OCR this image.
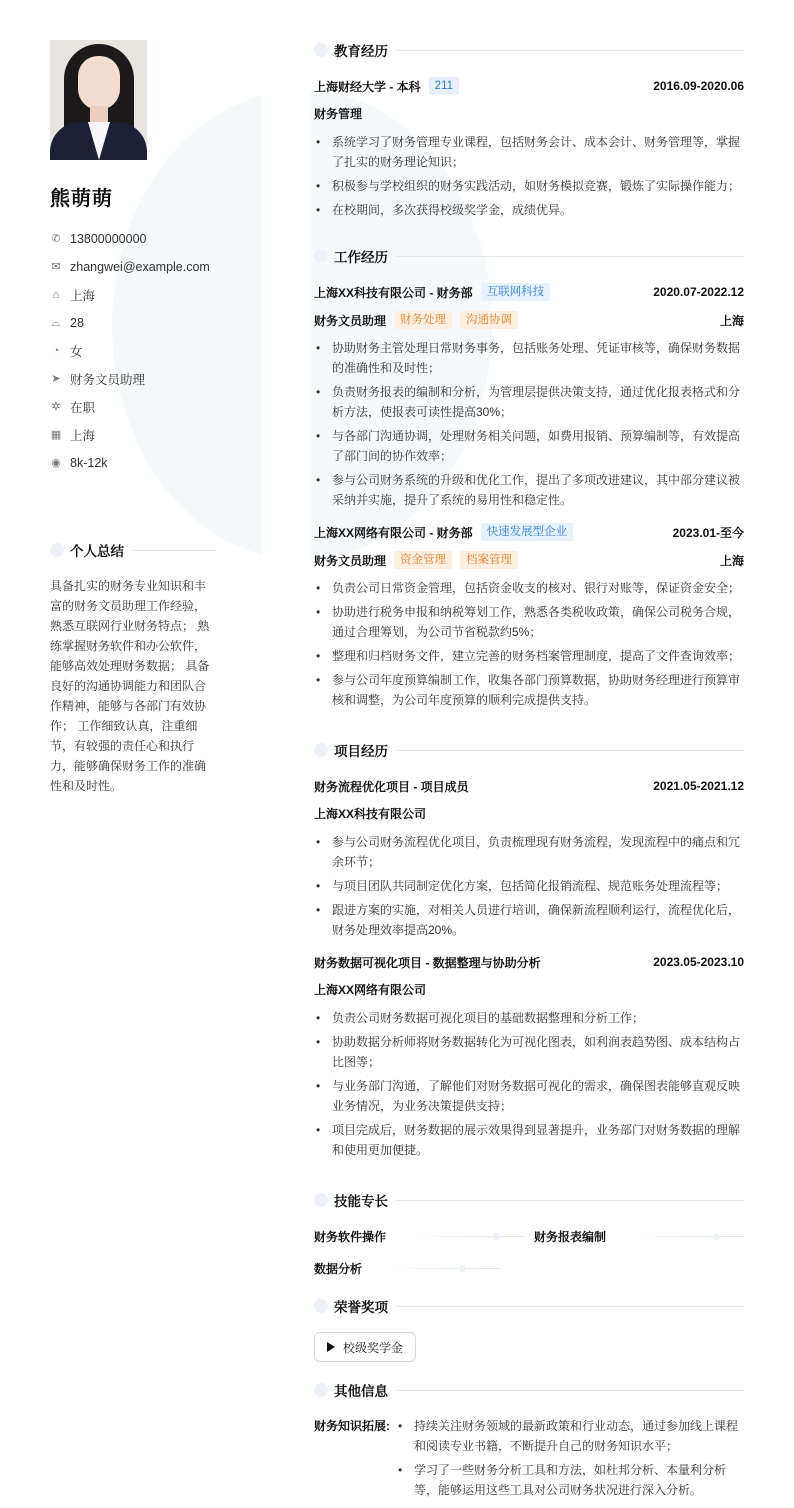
熊萌萌
✆ 13800000000
✉ zhangwei@example.com
⌂ 上海
⌓ 28
◔ 女
➤ 财务文员助理
✲ 在职
▦ 上海
◉ 8k-12k
个人总结
具备扎实的财务专业知识和丰富的财务文员助理工作经验，熟悉互联网行业财务特点； 熟练掌握财务软件和办公软件，能够高效处理财务数据； 具备良好的沟通协调能力和团队合作精神，能够与各部门有效协作； 工作细致认真，注重细节，有较强的责任心和执行力，能够确保财务工作的准确性和及时性。
教育经历
上海财经大学 - 本科	211	2016.09-2020.06
财务管理
• 系统学习了财务管理专业课程，包括财务会计、成本会计、财务管理等，掌握了扎实的财务理论知识；
• 积极参与学校组织的财务实践活动，如财务模拟竞赛，锻炼了实际操作能力；
• 在校期间，多次获得校级奖学金，成绩优异。
工作经历
上海XX科技有限公司 - 财务部	互联网科技	2020.07-2022.12
财务文员助理	财务处理	沟通协调	上海
• 协助财务主管处理日常财务事务，包括账务处理、凭证审核等，确保财务数据的准确性和及时性；
• 负责财务报表的编制和分析，为管理层提供决策支持，通过优化报表格式和分析方法，使报表可读性提高30%；
• 与各部门沟通协调，处理财务相关问题，如费用报销、预算编制等，有效提高了部门间的协作效率；
• 参与公司财务系统的升级和优化工作，提出了多项改进建议，其中部分建议被采纳并实施，提升了系统的易用性和稳定性。
上海XX网络有限公司 - 财务部	快速发展型企业	2023.01-至今
财务文员助理	资金管理	档案管理	上海
• 负责公司日常资金管理，包括资金收支的核对、银行对账等，保证资金安全；
• 协助进行税务申报和纳税筹划工作，熟悉各类税收政策，确保公司税务合规，通过合理筹划，为公司节省税款约5%；
• 整理和归档财务文件，建立完善的财务档案管理制度，提高了文件查询效率；
• 参与公司年度预算编制工作，收集各部门预算数据，协助财务经理进行预算审核和调整，为公司年度预算的顺利完成提供支持。
项目经历
财务流程优化项目 - 项目成员	2021.05-2021.12
上海XX科技有限公司
• 参与公司财务流程优化项目，负责梳理现有财务流程，发现流程中的痛点和冗余环节；
• 与项目团队共同制定优化方案，包括简化报销流程、规范账务处理流程等；
• 跟进方案的实施，对相关人员进行培训，确保新流程顺利运行，流程优化后，财务处理效率提高20%。
财务数据可视化项目 - 数据整理与协助分析	2023.05-2023.10
上海XX网络有限公司
• 负责公司财务数据可视化项目的基础数据整理和分析工作；
• 协助数据分析师将财务数据转化为可视化图表，如利润表趋势图、成本结构占比图等；
• 与业务部门沟通，了解他们对财务数据可视化的需求，确保图表能够直观反映业务情况，为业务决策提供支持；
• 项目完成后，财务数据的展示效果得到显著提升，业务部门对财务数据的理解和使用更加便捷。
技能专长
财务软件操作	财务报表编制
数据分析
荣誉奖项
校级奖学金
其他信息
财务知识拓展:
•	持续关注财务领域的最新政策和行业动态，通过参加线上课程和阅读专业书籍，不断提升自己的财务知识水平；
• 学习了一些财务分析工具和方法，如杜邦分析、本量利分析等，能够运用这些工具对公司财务状况进行深入分析。
